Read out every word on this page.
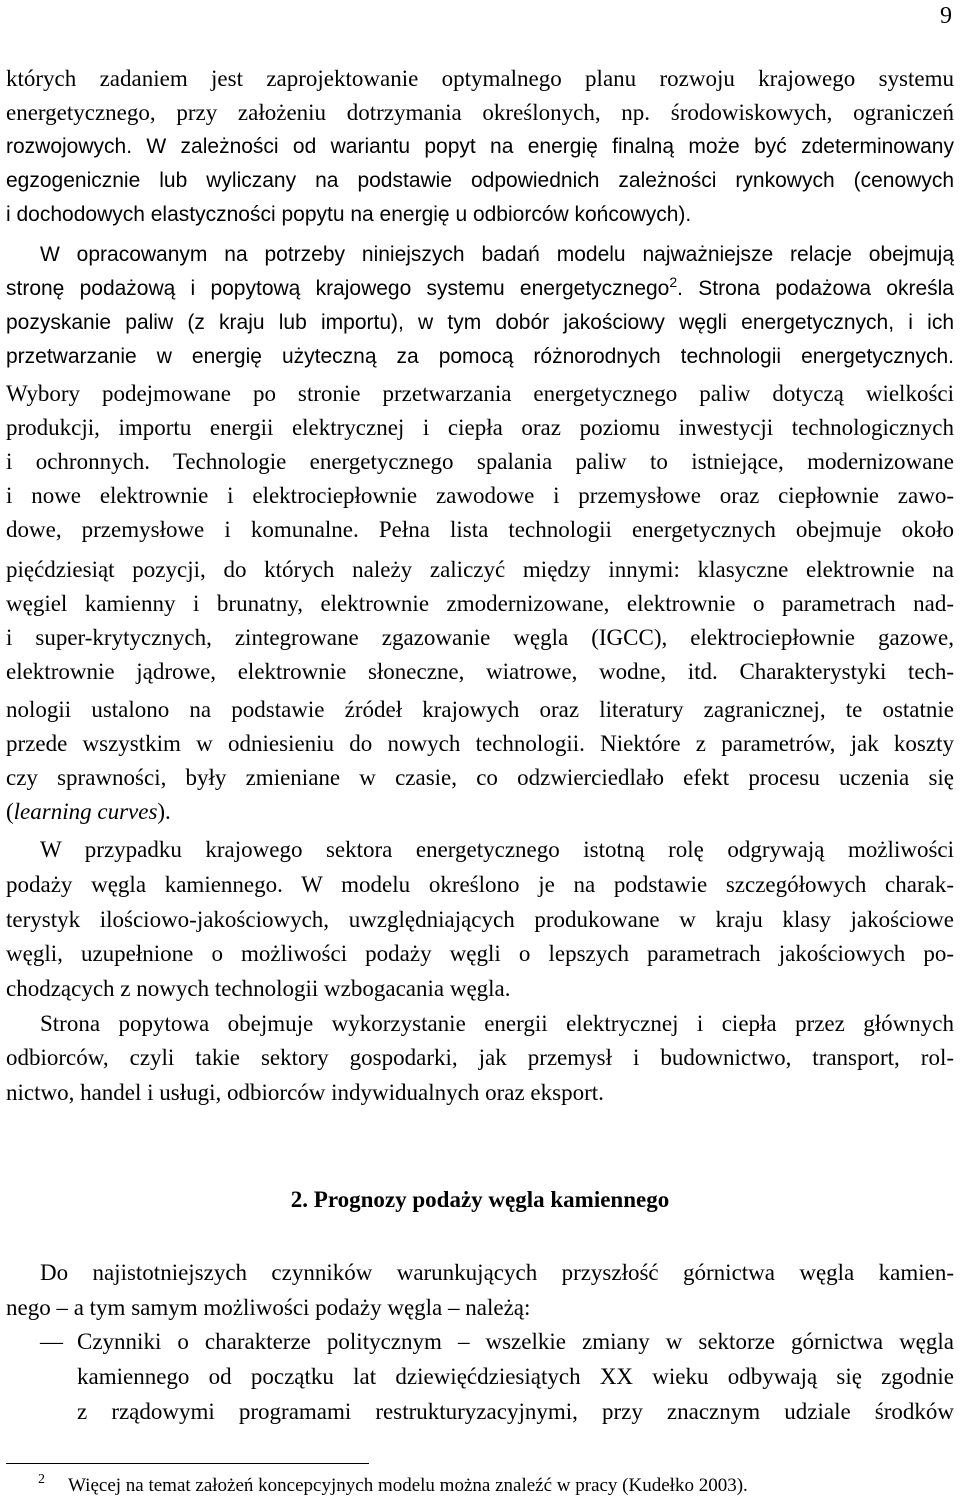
9
których zadaniem jest zaprojektowanie optymalnego planu rozwoju krajowego systemu
energetycznego, przy założeniu dotrzymania określonych, np. środowiskowych, ograniczeń
rozwojowych. W zależności od wariantu popyt na energię finalną może być zdeterminowany
egzogenicznie lub wyliczany na podstawie odpowiednich zależności rynkowych (cenowych
i dochodowych elastyczności popytu na energię u odbiorców końcowych).
W opracowanym na potrzeby niniejszych badań modelu najważniejsze relacje obejmują
stronę podażową i popytową krajowego systemu energetycznego$^2$. Strona podażowa określa
pozyskanie paliw (z kraju lub importu), w tym dobór jakościowy węgli energetycznych, i ich
przetwarzanie w energię użyteczną za pomocą różnorodnych technologii energetycznych.
Wybory podejmowane po stronie przetwarzania energetycznego paliw dotyczą wielkości
produkcji, importu energii elektrycznej i ciepła oraz poziomu inwestycji technologicznych
i ochronnych. Technologie energetycznego spalania paliw to istniejące, modernizowane
i nowe elektrownie i elektrociepłownie zawodowe i przemysłowe oraz ciepłownie zawo-
dowe, przemysłowe i komunalne. Pełna lista technologii energetycznych obejmuje około
pięćdziesiąt pozycji, do których należy zaliczyć między innymi: klasyczne elektrownie na
węgiel kamienny i brunatny, elektrownie zmodernizowane, elektrownie o parametrach nad-
i super-krytycznych, zintegrowane zgazowanie węgla (IGCC), elektrociepłownie gazowe,
elektrownie jądrowe, elektrownie słoneczne, wiatrowe, wodne, itd. Charakterystyki tech-
nologii ustalono na podstawie źródeł krajowych oraz literatury zagranicznej, te ostatnie
przede wszystkim w odniesieniu do nowych technologii. Niektóre z parametrów, jak koszty
czy sprawności, były zmieniane w czasie, co odzwierciedlało efekt procesu uczenia się
(learning curves).
W przypadku krajowego sektora energetycznego istotną rolę odgrywają możliwości
podaży węgla kamiennego. W modelu określono je na podstawie szczegółowych charak-
terystyk ilościowo-jakościowych, uwzględniających produkowane w kraju klasy jakościowe
węgli, uzupełnione o możliwości podaży węgli o lepszych parametrach jakościowych po-
chodzących z nowych technologii wzbogacania węgla.
Strona popytowa obejmuje wykorzystanie energii elektrycznej i ciepła przez głównych
odbiorców, czyli takie sektory gospodarki, jak przemysł i budownictwo, transport, rol-
nictwo, handel i usługi, odbiorców indywidualnych oraz eksport.
2. Prognozy podaży węgla kamiennego
Do najistotniejszych czynników warunkujących przyszłość górnictwa węgla kamien-
nego – a tym samym możliwości podaży węgla – należą:
— Czynniki o charakterze politycznym – wszelkie zmiany w sektorze górnictwa węgla
kamiennego od początku lat dziewięćdziesiątych XX wieku odbywają się zgodnie
z rządowymi programami restrukturyzacyjnymi, przy znacznym udziale środków
2 Więcej na temat założeń koncepcyjnych modelu można znaleźć w pracy (Kudełko 2003).
